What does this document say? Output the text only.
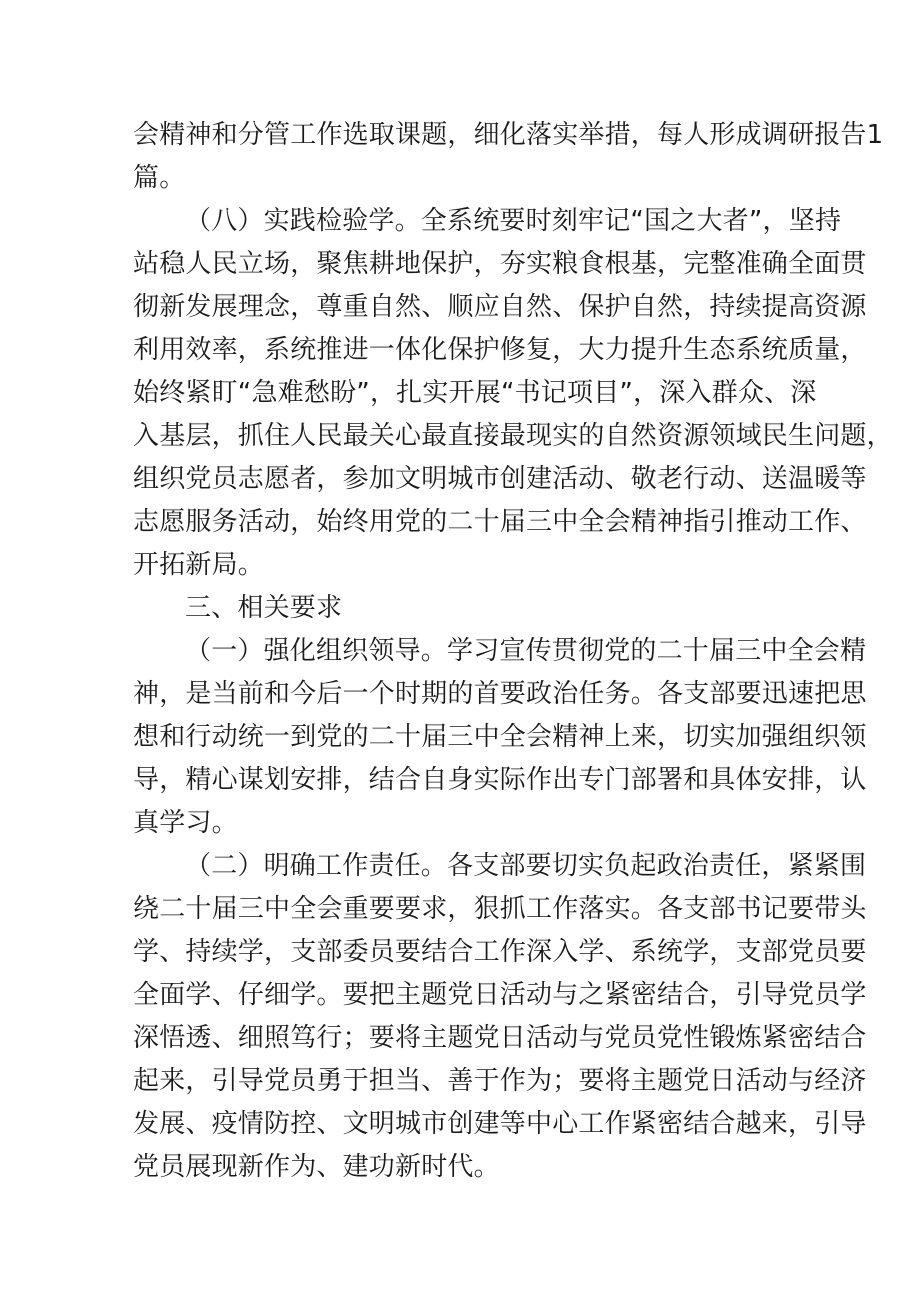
会精神和分管工作选取课题，细化落实举措，每人形成调研报告1

篇。

（八）实践检验学。全系统要时刻牢记“国之大者”，坚持

站稳人民立场，聚焦耕地保护，夯实粮食根基，完整准确全面贯

彻新发展理念，尊重自然、顺应自然、保护自然，持续提高资源

利用效率，系统推进一体化保护修复，大力提升生态系统质量，

始终紧盯“急难愁盼”，扎实开展“书记项目”，深入群众、深

入基层，抓住人民最关心最直接最现实的自然资源领域民生问题，

组织党员志愿者，参加文明城市创建活动、敬老行动、送温暖等

志愿服务活动，始终用党的二十届三中全会精神指引推动工作、

开拓新局。

三、相关要求

（一）强化组织领导。学习宣传贯彻党的二十届三中全会精

神，是当前和今后一个时期的首要政治任务。各支部要迅速把思

想和行动统一到党的二十届三中全会精神上来，切实加强组织领

导，精心谋划安排，结合自身实际作出专门部署和具体安排，认

真学习。

（二）明确工作责任。各支部要切实负起政治责任，紧紧围

绕二十届三中全会重要要求，狠抓工作落实。各支部书记要带头

学、持续学，支部委员要结合工作深入学、系统学，支部党员要

全面学、仔细学。要把主题党日活动与之紧密结合，引导党员学

深悟透、细照笃行；要将主题党日活动与党员党性锻炼紧密结合

起来，引导党员勇于担当、善于作为；要将主题党日活动与经济

发展、疫情防控、文明城市创建等中心工作紧密结合越来，引导

党员展现新作为、建功新时代。
